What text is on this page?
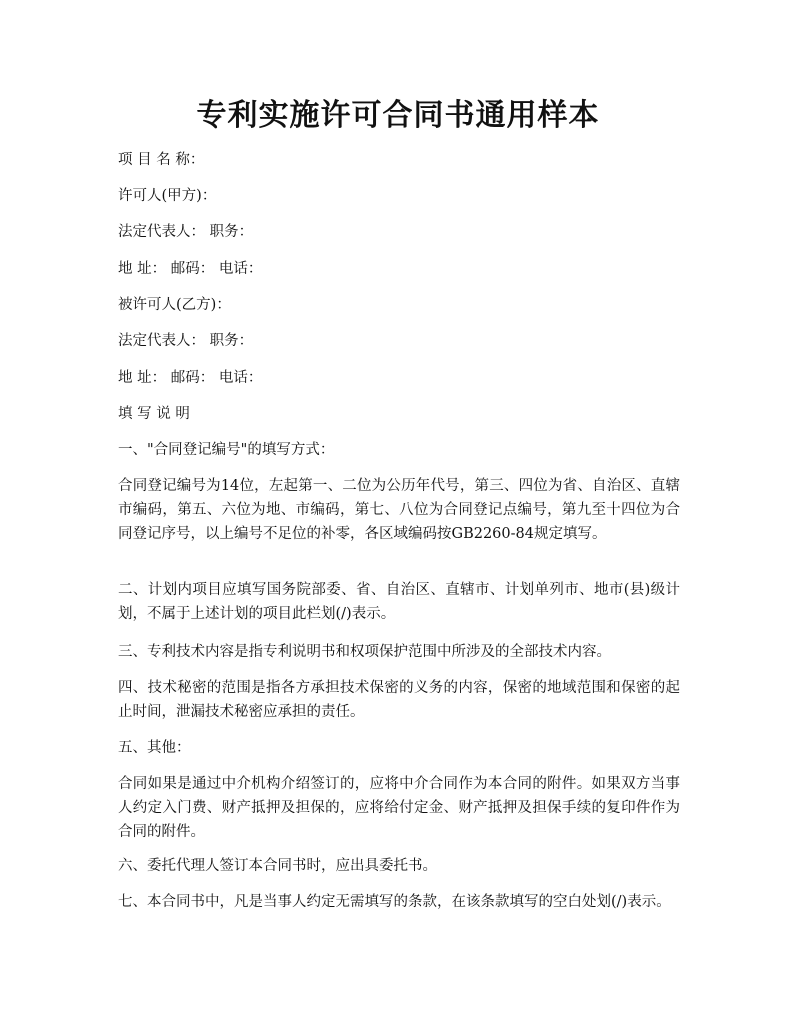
专利实施许可合同书通用样本
项 目 名 称：
许可人(甲方)：
法定代表人： 职务：
地 址： 邮码： 电话：
被许可人(乙方)：
法定代表人： 职务：
地 址： 邮码： 电话：
填 写 说 明
一、"合同登记编号"的填写方式：
合同登记编号为14位，左起第一、二位为公历年代号，第三、四位为省、自治区、直辖市编码，第五、六位为地、市编码，第七、八位为合同登记点编号，第九至十四位为合同登记序号，以上编号不足位的补零，各区域编码按GB2260-84规定填写。
二、计划内项目应填写国务院部委、省、自治区、直辖市、计划单列市、地市(县)级计划，不属于上述计划的项目此栏划(/)表示。
三、专利技术内容是指专利说明书和权项保护范围中所涉及的全部技术内容。
四、技术秘密的范围是指各方承担技术保密的义务的内容，保密的地域范围和保密的起止时间，泄漏技术秘密应承担的责任。
五、其他：
合同如果是通过中介机构介绍签订的，应将中介合同作为本合同的附件。如果双方当事人约定入门费、财产抵押及担保的，应将给付定金、财产抵押及担保手续的复印件作为合同的附件。
六、委托代理人签订本合同书时，应出具委托书。
七、本合同书中，凡是当事人约定无需填写的条款，在该条款填写的空白处划(/)表示。
